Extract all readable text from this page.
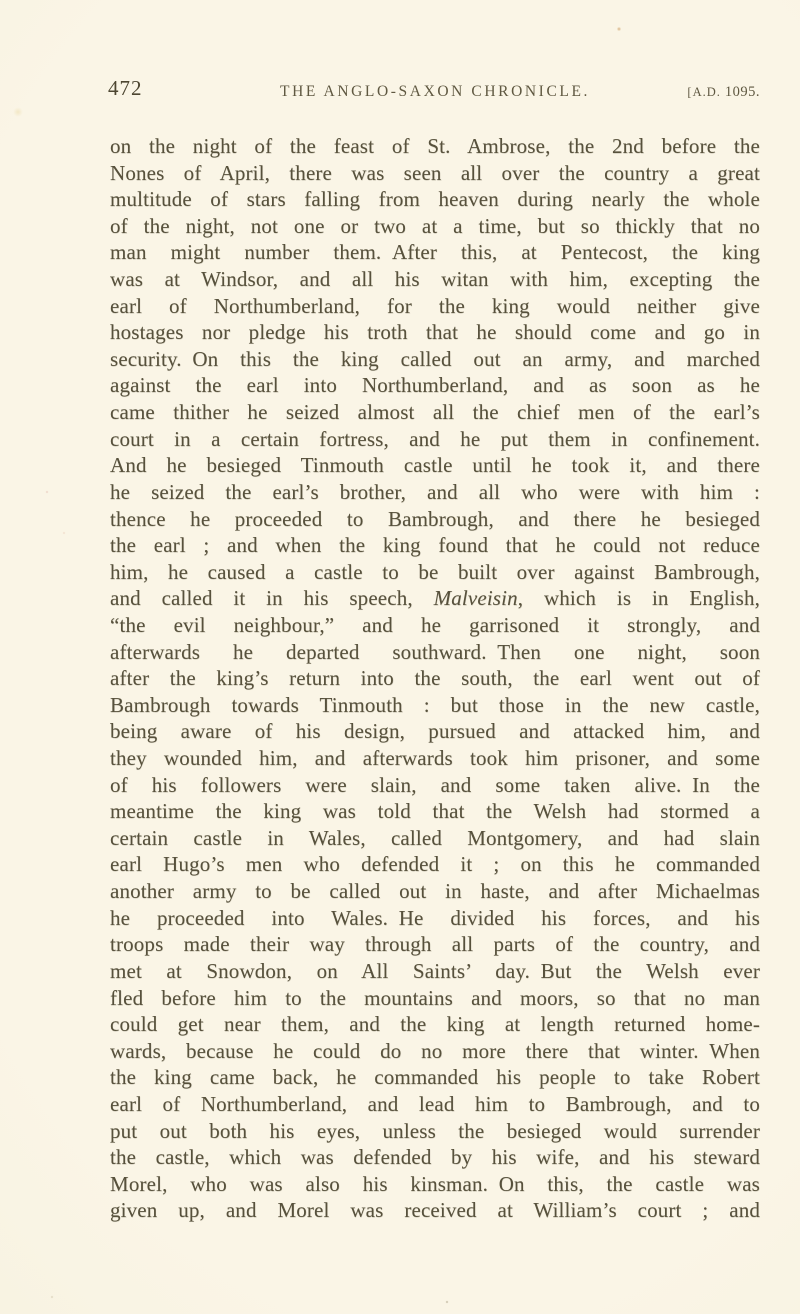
472	THE ANGLO-SAXON CHRONICLE.	[A.D. 1095.
on the night of the feast of St. Ambrose, the 2nd before the
Nones of April, there was seen all over the country a great
multitude of stars falling from heaven during nearly the whole
of the night, not one or two at a time, but so thickly that no
man might number them. After this, at Pentecost, the king
was at Windsor, and all his witan with him, excepting the
earl of Northumberland, for the king would neither give
hostages nor pledge his troth that he should come and go in
security. On this the king called out an army, and marched
against the earl into Northumberland, and as soon as he
came thither he seized almost all the chief men of the earl’s
court in a certain fortress, and he put them in confinement.
And he besieged Tinmouth castle until he took it, and there
he seized the earl’s brother, and all who were with him :
thence he proceeded to Bambrough, and there he besieged
the earl ; and when the king found that he could not reduce
him, he caused a castle to be built over against Bambrough,
and called it in his speech, Malveisin, which is in English,
“the evil neighbour,” and he garrisoned it strongly, and
afterwards he departed southward. Then one night, soon
after the king’s return into the south, the earl went out of
Bambrough towards Tinmouth : but those in the new castle,
being aware of his design, pursued and attacked him, and
they wounded him, and afterwards took him prisoner, and some
of his followers were slain, and some taken alive. In the
meantime the king was told that the Welsh had stormed a
certain castle in Wales, called Montgomery, and had slain
earl Hugo’s men who defended it ; on this he commanded
another army to be called out in haste, and after Michaelmas
he proceeded into Wales. He divided his forces, and his
troops made their way through all parts of the country, and
met at Snowdon, on All Saints’ day. But the Welsh ever
fled before him to the mountains and moors, so that no man
could get near them, and the king at length returned home-
wards, because he could do no more there that winter. When
the king came back, he commanded his people to take Robert
earl of Northumberland, and lead him to Bambrough, and to
put out both his eyes, unless the besieged would surrender
the castle, which was defended by his wife, and his steward
Morel, who was also his kinsman. On this, the castle was
given up, and Morel was received at William’s court ; and
